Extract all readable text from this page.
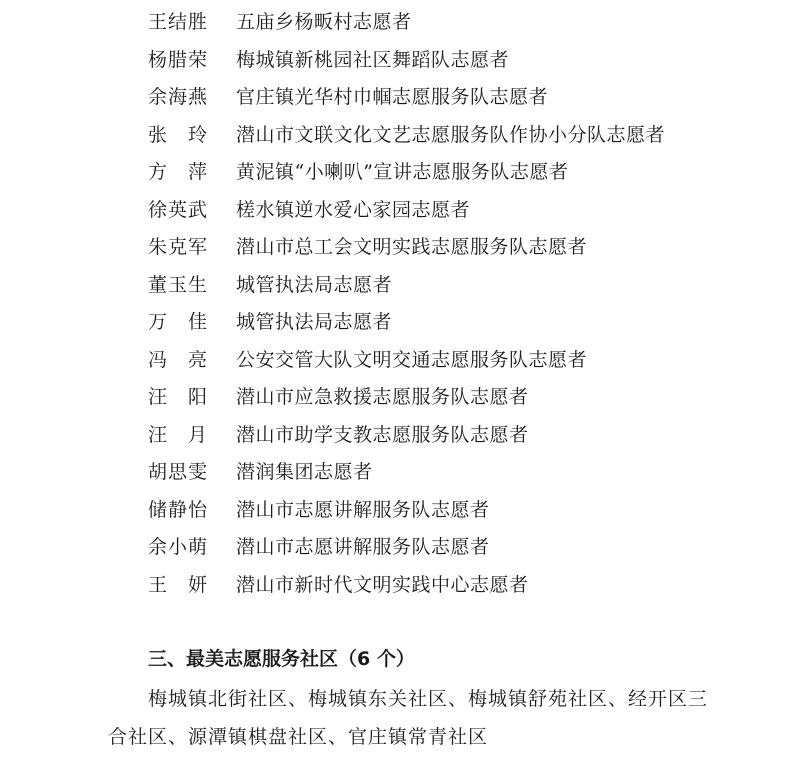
王结胜	五庙乡杨畈村志愿者
杨腊荣	梅城镇新桃园社区舞蹈队志愿者
余海燕	官庄镇光华村巾帼志愿服务队志愿者
张　玲	潜山市文联文化文艺志愿服务队作协小分队志愿者
方　萍	黄泥镇“小喇叭”宣讲志愿服务队志愿者
徐英武	槎水镇逆水爱心家园志愿者
朱克军	潜山市总工会文明实践志愿服务队志愿者
董玉生	城管执法局志愿者
万　佳	城管执法局志愿者
冯　亮	公安交管大队文明交通志愿服务队志愿者
汪　阳	潜山市应急救援志愿服务队志愿者
汪　月	潜山市助学支教志愿服务队志愿者
胡思雯	潜润集团志愿者
储静怡	潜山市志愿讲解服务队志愿者
余小萌	潜山市志愿讲解服务队志愿者
王　妍	潜山市新时代文明实践中心志愿者
三、最美志愿服务社区（6 个）
梅城镇北街社区、梅城镇东关社区、梅城镇舒苑社区、经开区三合社区、源潭镇棋盘社区、官庄镇常青社区
